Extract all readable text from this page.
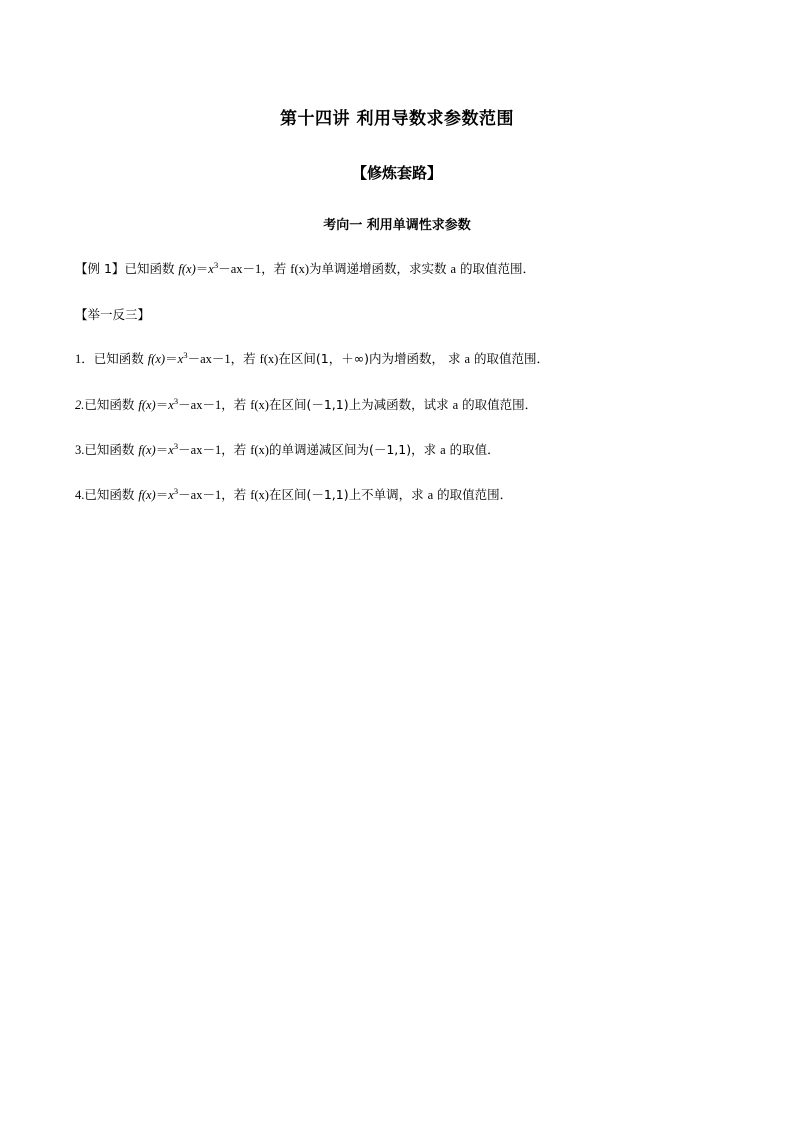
第十四讲 利用导数求参数范围
【修炼套路】
考向一 利用单调性求参数

【例 1】已知函数 $f(x)=x^3-ax-1$，若 f(x)为单调递增函数，求实数 a 的取值范围．

【举一反三】

1．已知函数 $f(x)=x^3-ax-1$，若 f(x)在区间(1，＋∞)内为增函数， 求 a 的取值范围．

2.已知函数 $f(x)=x^3-ax-1$，若 f(x)在区间(－1,1)上为减函数，试求 a 的取值范围．

3.已知函数 $f(x)=x^3-ax-1$，若 f(x)的单调递减区间为(－1,1)，求 a 的取值．

4.已知函数 $f(x)=x^3-ax-1$，若 f(x)在区间(－1,1)上不单调，求 a 的取值范围．
